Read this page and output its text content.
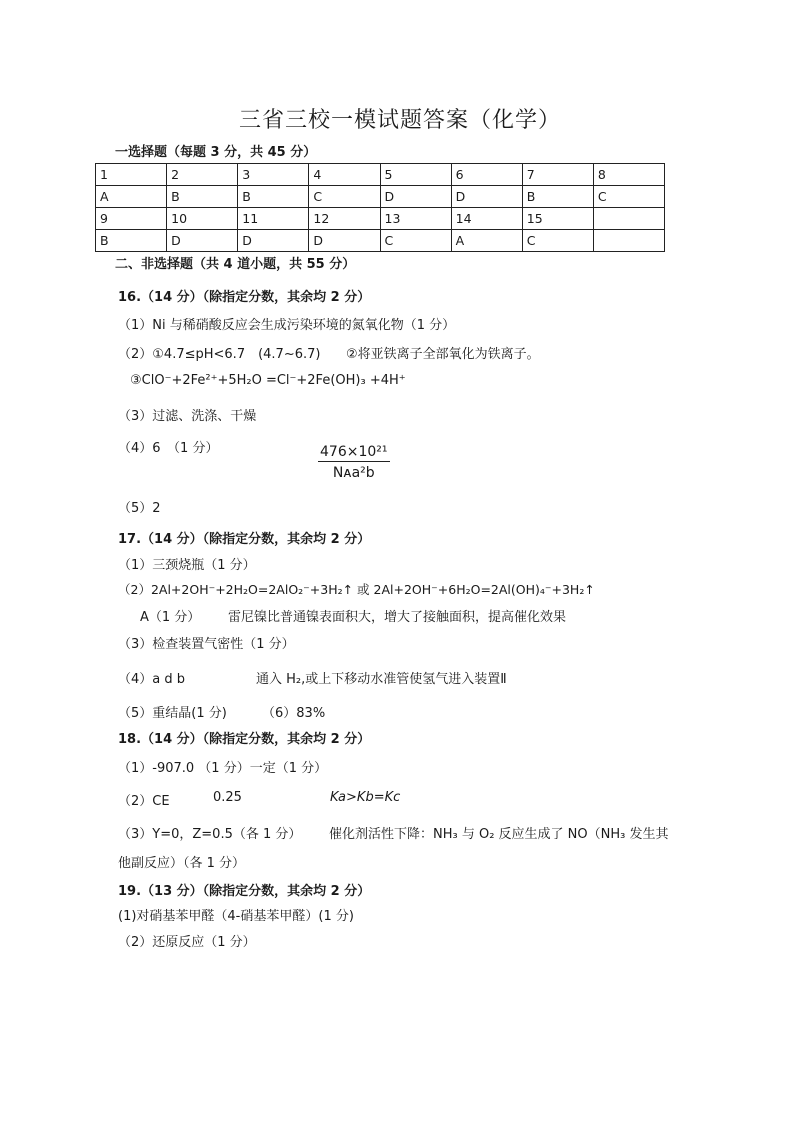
三省三校一模试题答案（化学）
一选择题（每题 3 分，共 45 分）
1	2	3	4	5	6	7	8
A	B	B	C	D	D	B	C
9	10	11	12	13	14	15	
B	D	D	D	C	A	C	
二、非选择题（共 4 道小题，共 55 分）
16.（14 分）（除指定分数，其余均 2 分）
（1）Ni 与稀硝酸反应会生成污染环境的氮氧化物（1 分）
（2）①4.7≤pH<6.7　(4.7~6.7) ②将亚铁离子全部氧化为铁离子。
③ClO⁻+2Fe²⁺+5H₂O =Cl⁻+2Fe(OH)₃ +4H⁺
（3）过滤、洗涤、干燥
（4）6　（1 分）	476×10²¹
Nᴀa²b
（5）2
17.（14 分）（除指定分数，其余均 2 分）
（1）三颈烧瓶（1 分）
（2）2Al+2OH⁻+2H₂O=2AlO₂⁻+3H₂↑ 或 2Al+2OH⁻+6H₂O=2Al(OH)₄⁻+3H₂↑
A（1 分） 雷尼镍比普通镍表面积大，增大了接触面积，提高催化效果
（3）检查装置气密性（1 分）
（4）a d b	通入 H₂,或上下移动水准管使氢气进入装置Ⅱ
（5）重结晶(1 分)	（6）83%
18.（14 分）（除指定分数，其余均 2 分）
（1）-907.0 （1 分）一定（1 分）
（2）CE	0.25	Ka>Kb=Kc
（3）Y=0，Z=0.5（各 1 分） 催化剂活性下降：NH₃ 与 O₂ 反应生成了 NO（NH₃ 发生其
他副反应）（各 1 分）
19.（13 分）（除指定分数，其余均 2 分）
(1)对硝基苯甲醛（4-硝基苯甲醛）(1 分)
（2）还原反应（1 分）
